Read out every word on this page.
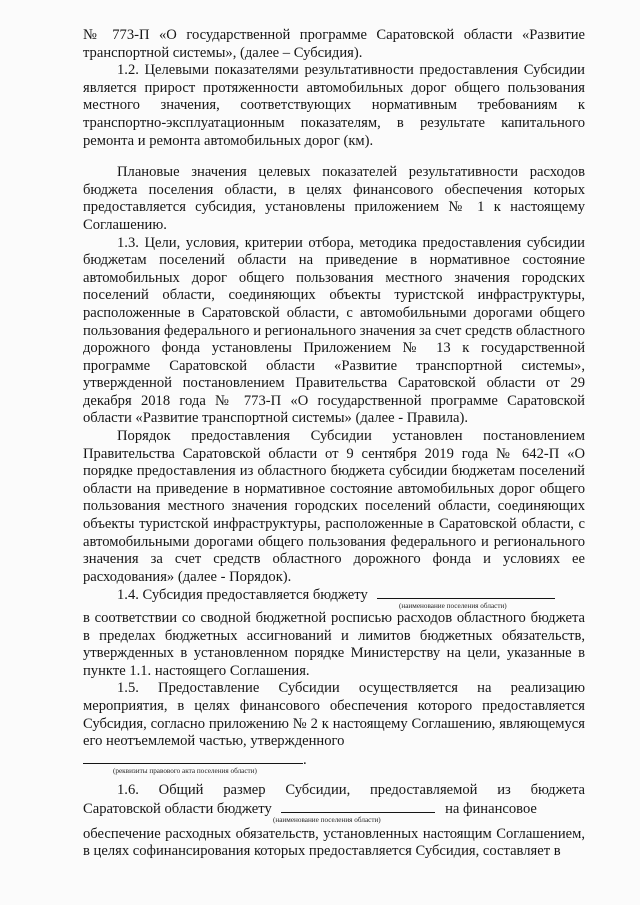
№ 773-П «О государственной программе Саратовской области «Развитие транспортной системы», (далее – Субсидия).

1.2. Целевыми показателями результативности предоставления Субсидии является прирост протяженности автомобильных дорог общего пользования местного значения, соответствующих нормативным требованиям к транспортно-эксплуатационным показателям, в результате капитального ремонта и ремонта автомобильных дорог (км).

Плановые значения целевых показателей результативности расходов бюджета поселения области, в целях финансового обеспечения которых предоставляется субсидия, установлены приложением № 1 к настоящему Соглашению.

1.3. Цели, условия, критерии отбора, методика предоставления субсидии бюджетам поселений области на приведение в нормативное состояние автомобильных дорог общего пользования местного значения городских поселений области, соединяющих объекты туристской инфраструктуры, расположенные в Саратовской области, с автомобильными дорогами общего пользования федерального и регионального значения за счет средств областного дорожного фонда установлены Приложением № 13 к государственной программе Саратовской области «Развитие транспортной системы», утвержденной постановлением Правительства Саратовской области от 29 декабря 2018 года № 773-П «О государственной программе Саратовской области «Развитие транспортной системы» (далее - Правила).

Порядок предоставления Субсидии установлен постановлением Правительства Саратовской области от 9 сентября 2019 года № 642-П «О порядке предоставления из областного бюджета субсидии бюджетам поселений области на приведение в нормативное состояние автомобильных дорог общего пользования местного значения городских поселений области, соединяющих объекты туристской инфраструктуры, расположенные в Саратовской области, с автомобильными дорогами общего пользования федерального и регионального значения за счет средств областного дорожного фонда и условиях ее расходования» (далее - Порядок).

1.4. Субсидия предоставляется бюджету
(наименование поселения области)

в соответствии со сводной бюджетной росписью расходов областного бюджета в пределах бюджетных ассигнований и лимитов бюджетных обязательств, утвержденных в установленном порядке Министерству на цели, указанные в пункте 1.1. настоящего Соглашения.

1.5. Предоставление Субсидии осуществляется на реализацию мероприятия, в целях финансового обеспечения которого предоставляется Субсидия, согласно приложению № 2 к настоящему Соглашению, являющемуся его неотъемлемой частью, утвержденного

.
(реквизиты правового акта поселения области)

1.6. Общий размер Субсидии, предоставляемой из бюджета

Саратовской области бюджету	на финансовое
(наименование поселения области)

обеспечение расходных обязательств, установленных настоящим Соглашением, в целях софинансирования которых предоставляется Субсидия, составляет в
